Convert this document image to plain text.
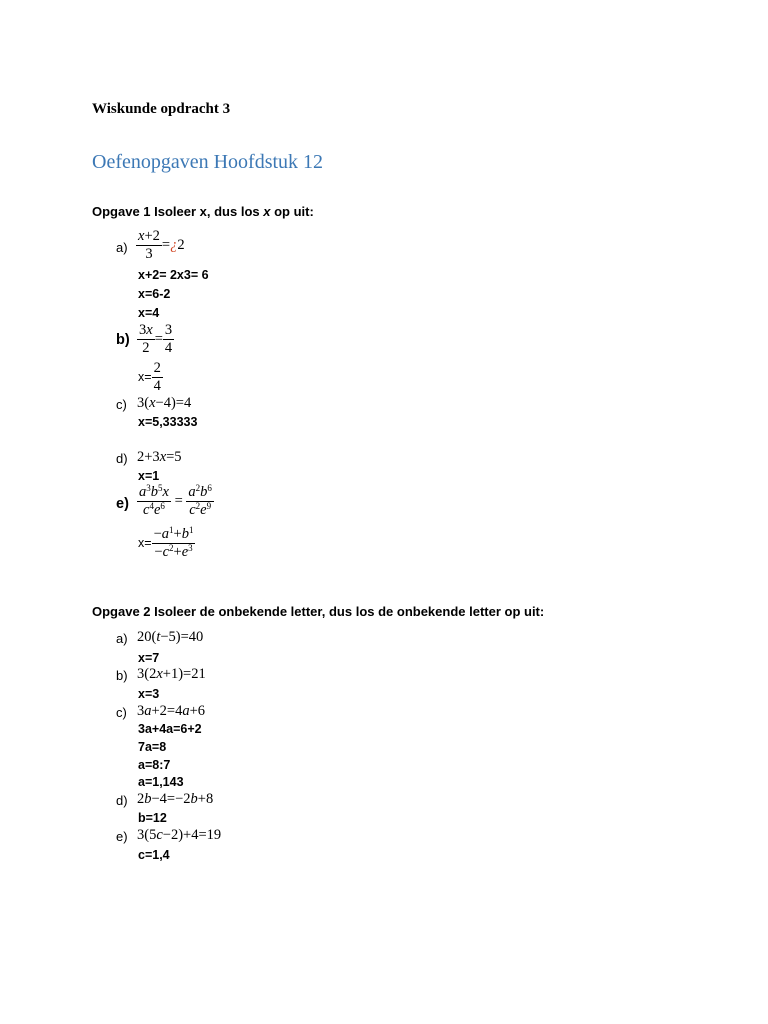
Wiskunde opdracht 3
Oefenopgaven Hoofdstuk 12
Opgave 1 Isoleer x, dus los x op uit:
$a) \frac{x+2}{3}$ =¿2
x+2= 2x3= 6
x=6-2
x=4
$b) \frac{3x}{2} = \frac{3}{4}$
$x= \frac{2}{4}$
c) 3(x−4)=4
x=5,33333
d) 2+3x=5
x=1
$e) \frac{a^3b^5x}{c^4e^6} = \frac{a^2b^6}{c^2e^9}$
$x= \frac{-a^1+b^1}{-c^2+e^3}$
Opgave 2 Isoleer de onbekende letter, dus los de onbekende letter op uit:
a) 20(t−5)=40
x=7
b) 3(2x+1)=21
x=3
c) 3a+2=4a+6
3a+4a=6+2
7a=8
a=8:7
a=1,143
d) 2b−4=−2b+8
b=12
e) 3(5c−2)+4=19
c=1,4
